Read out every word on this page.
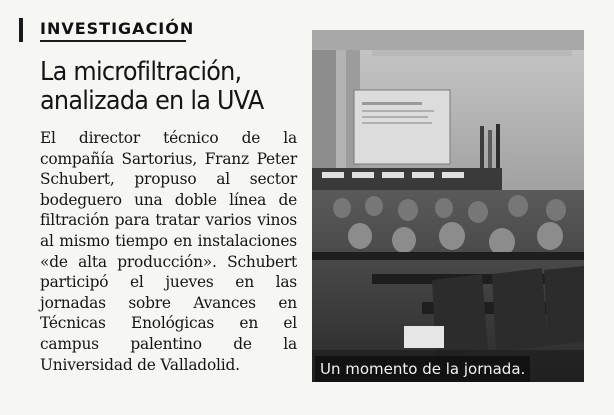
INVESTIGACIÓN
La microfiltración,
analizada en la UVA

El director técnico de la compañía Sartorius, Franz Peter Schubert, propuso al sector bodeguero una doble línea de filtración para tratar varios vinos al mismo tiempo en instalaciones «de alta producción». Schubert participó el jueves en las jornadas sobre Avances en Técnicas Enológicas en el campus palentino de la Universidad de Valladolid.	Un momento de la jornada.
